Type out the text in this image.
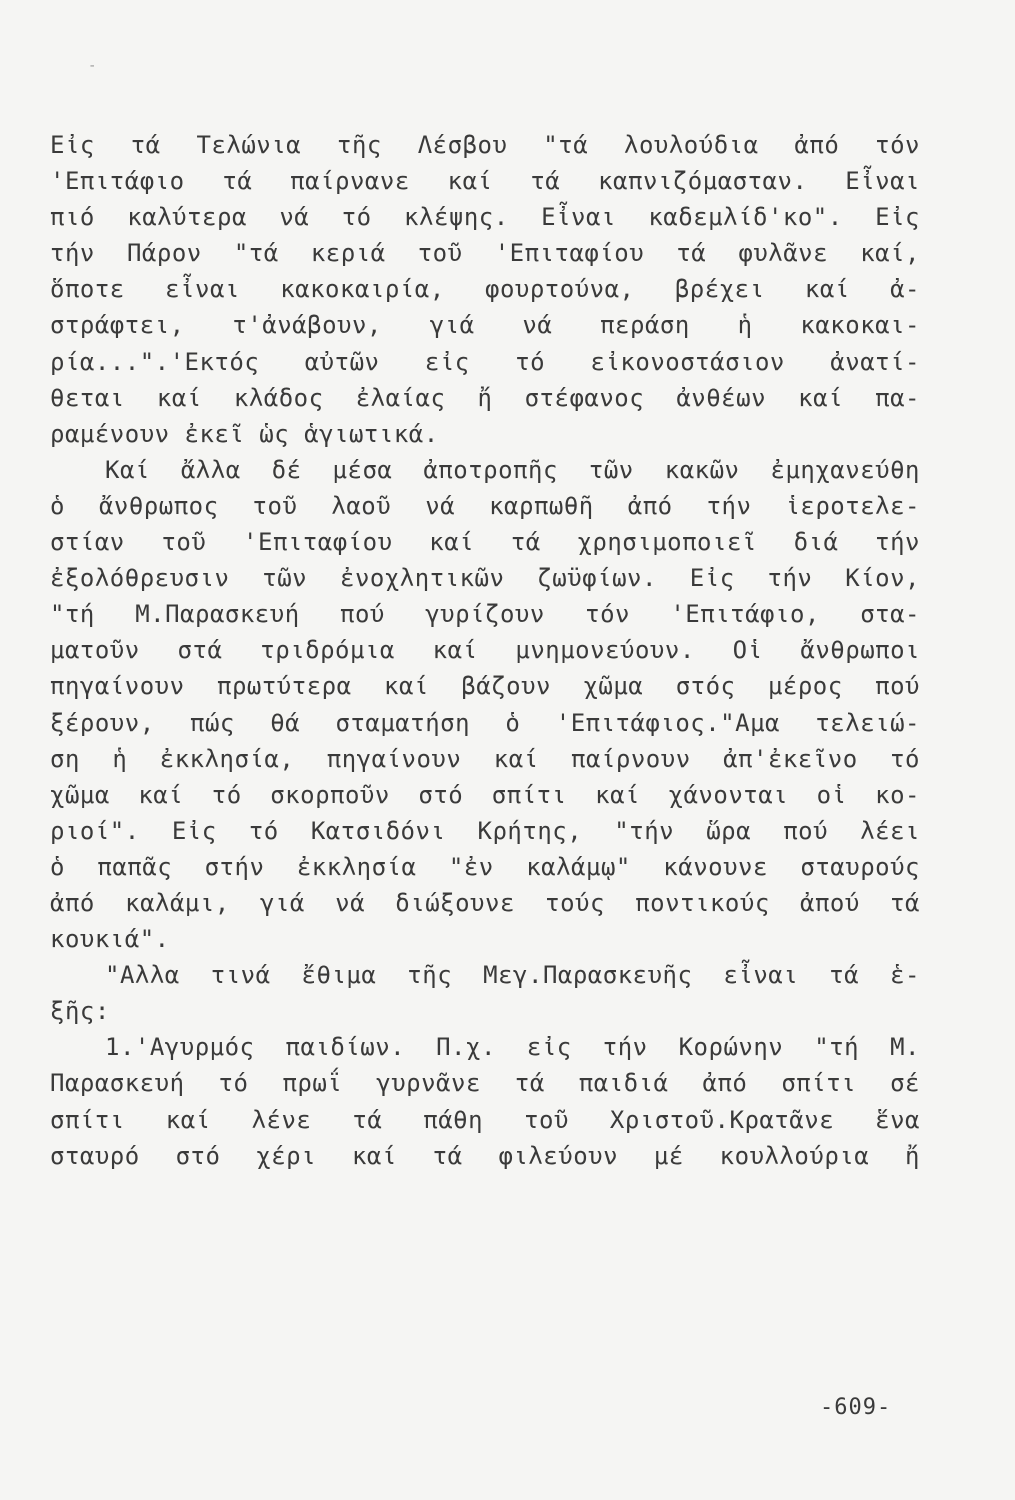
-
Εἰς τά Τελώνια τῆς Λέσβου "τά λουλούδια ἀπό τόν
'Επιτάφιο τά παίρνανε καί τά καπνιζόμασταν. Εἶναι
πιό καλύτερα νά τό κλέψης. Εἶναι καδεμλίδ'κο". Εἰς
τήν Πάρον "τά κεριά τοῦ 'Επιταφίου τά φυλᾶνε καί,
ὅποτε εἶναι κακοκαιρία, φουρτούνα, βρέχει καί ἀ-
στράφτει, τ'ἀνάβουν, γιά νά περάση ἡ κακοκαι-
ρία...".'Εκτός αὐτῶν εἰς τό εἰκονοστάσιον ἀνατί-
θεται καί κλάδος ἐλαίας ἤ στέφανος ἀνθέων καί πα-
ραμένουν ἐκεῖ ὡς ἁγιωτικά.
Καί ἄλλα δέ μέσα ἀποτροπῆς τῶν κακῶν ἐμηχανεύθη
ὁ ἄνθρωπος τοῦ λαοῦ νά καρπωθῆ ἀπό τήν ἱεροτελε-
στίαν τοῦ 'Επιταφίου καί τά χρησιμοποιεῖ διά τήν
ἐξολόθρευσιν τῶν ἐνοχλητικῶν ζωϋφίων. Εἰς τήν Κίον,
"τή Μ.Παρασκευή πού γυρίζουν τόν 'Επιτάφιο, στα-
ματοῦν στά τριδρόμια καί μνημονεύουν. Οἱ ἄνθρωποι
πηγαίνουν πρωτύτερα καί βάζουν χῶμα στός μέρος πού
ξέρουν, πώς θά σταματήση ὁ 'Επιτάφιος."Αμα τελειώ-
ση ἡ ἐκκλησία, πηγαίνουν καί παίρνουν ἀπ'ἐκεῖνο τό
χῶμα καί τό σκορποῦν στό σπίτι καί χάνονται οἱ κο-
ριοί". Εἰς τό Κατσιδόνι Κρήτης, "τήν ὥρα πού λέει
ὁ παπᾶς στήν ἐκκλησία "ἐν καλάμῳ" κάνουνε σταυρούς
ἀπό καλάμι, γιά νά διώξουνε τούς ποντικούς ἀπού τά
κουκιά".
"Αλλα τινά ἔθιμα τῆς Μεγ.Παρασκευῆς εἶναι τά ἑ-
ξῆς:
1.'Αγυρμός παιδίων. Π.χ. εἰς τήν Κορώνην "τή Μ.
Παρασκευή τό πρωΐ γυρνᾶνε τά παιδιά ἀπό σπίτι σέ
σπίτι καί λένε τά πάθη τοῦ Χριστοῦ.Κρατᾶνε ἕνα
σταυρό στό χέρι καί τά φιλεύουν μέ κουλλούρια ἤ
-609-
